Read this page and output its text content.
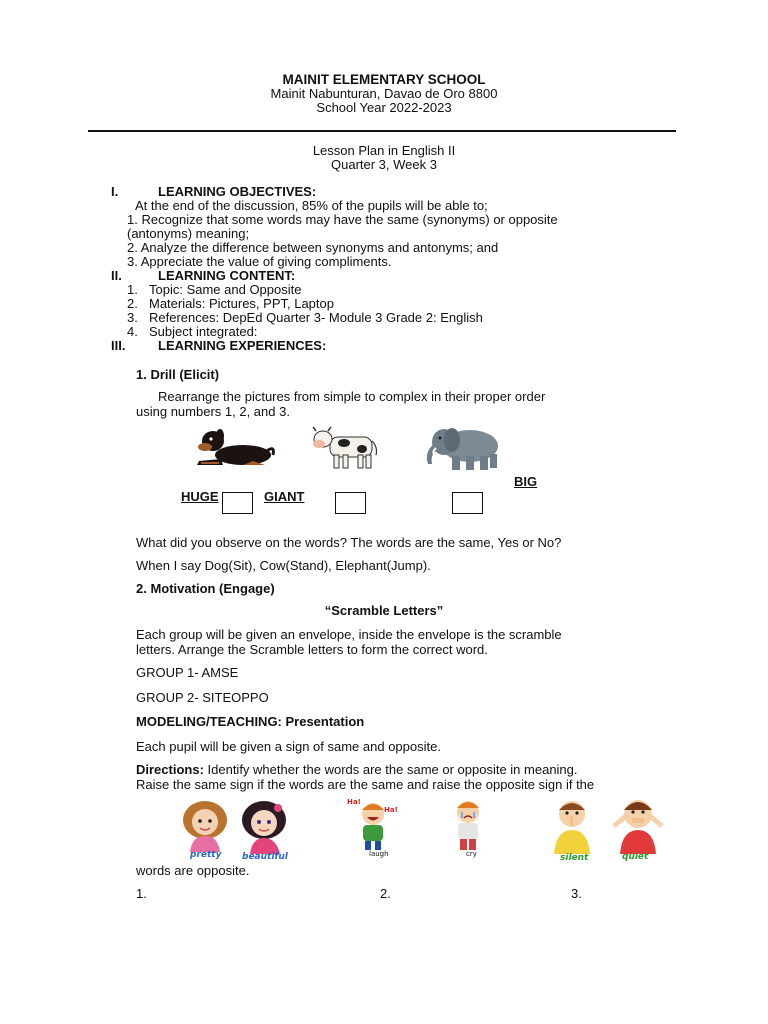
MAINIT ELEMENTARY SCHOOL
Mainit Nabunturan, Davao de Oro 8800
School Year 2022-2023
Lesson Plan in English II
Quarter 3, Week 3
I.	LEARNING OBJECTIVES:
At the end of the discussion, 85% of the pupils will be able to;
1. Recognize that some words may have the same (synonyms) or opposite
(antonyms) meaning;
2. Analyze the difference between synonyms and antonyms; and
3. Appreciate the value of giving compliments.
II.	LEARNING CONTENT:
1. Topic: Same and Opposite
2. Materials: Pictures, PPT, Laptop
3. References: DepEd Quarter 3- Module 3 Grade 2: English
4. Subject integrated:
III.	LEARNING EXPERIENCES:
1. Drill (Elicit)
Rearrange the pictures from simple to complex in their proper order
using numbers 1, 2, and 3.
BIG
HUGE	GIANT
What did you observe on the words? The words are the same, Yes or No?
When I say Dog(Sit), Cow(Stand), Elephant(Jump).
2. Motivation (Engage)
“Scramble Letters”
Each group will be given an envelope, inside the envelope is the scramble
letters. Arrange the Scramble letters to form the correct word.
GROUP 1- AMSE
GROUP 2- SITEOPPO
MODELING/TEACHING: Presentation
Each pupil will be given a sign of same and opposite.
Directions: Identify whether the words are the same or opposite in meaning.
Raise the same sign if the words are the same and raise the opposite sign if the
pretty beautiful
Ha!
Ha!
laugh	cry	silent	quiet
words are opposite.
1.	2.	3.
